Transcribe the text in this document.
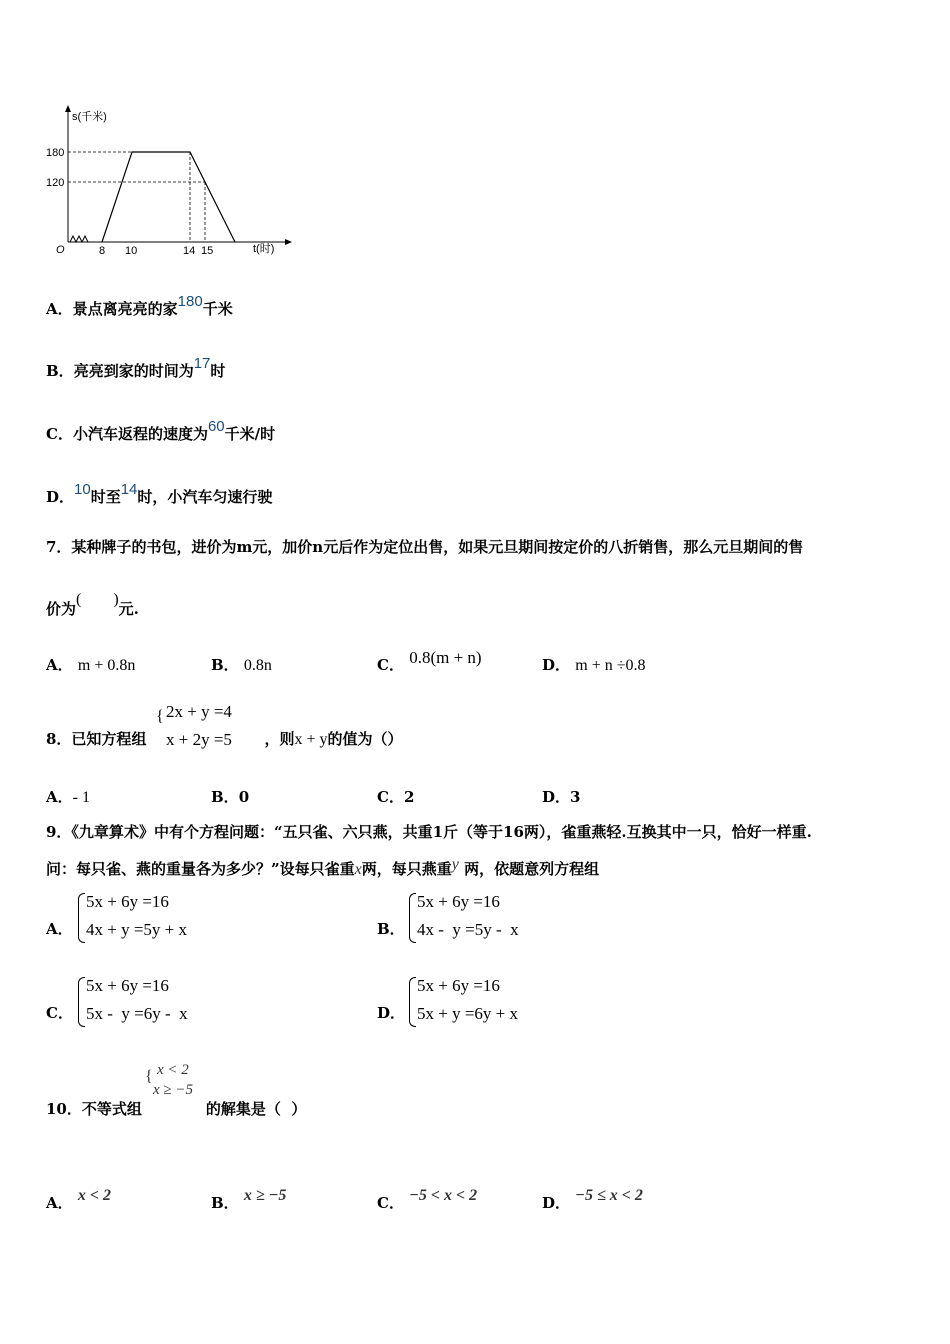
s(千米)
t(时)
O
180
120
8 10	14 15
A．景点离亮亮的家180千米
B．亮亮到家的时间为17时
C．小汽车返程的速度为60千米/时
D．10时至14时，小汽车匀速行驶
7．某种牌子的书包，进价为m元，加价n元后作为定位出售，如果元旦期间按定价的八折销售，那么元旦期间的售
价为(        )元.
A． m + 0.8n	B． 0.8n	C． 0.8(m + n)	D． m + n ÷0.8
8．已知方程组	，则x + y的值为（）
{ 2x + y =4
x + 2y =5
A．- 1	B．0	C．2	D．3
9．《九章算术》中有个方程问题：“五只雀、六只燕，共重1斤（等于16两），雀重燕轻.互换其中一只，恰好一样重.
问：每只雀、燕的重量各为多少？”设每只雀重x两，每只燕重y 两，依题意列方程组
A．
5x + 6y =16
4x + y =5y + x	B．
5x + 6y =16
4x -  y =5y -  x
C．
5x + 6y =16
5x -  y =6y -  x	D．
5x + 6y =16
5x + y =6y + x
{ x < 2
x ≥ −5
10．不等式组	的解集是（  ）
A． x < 2	B． x ≥ −5	C． −5 < x < 2	D． −5 ≤ x < 2
